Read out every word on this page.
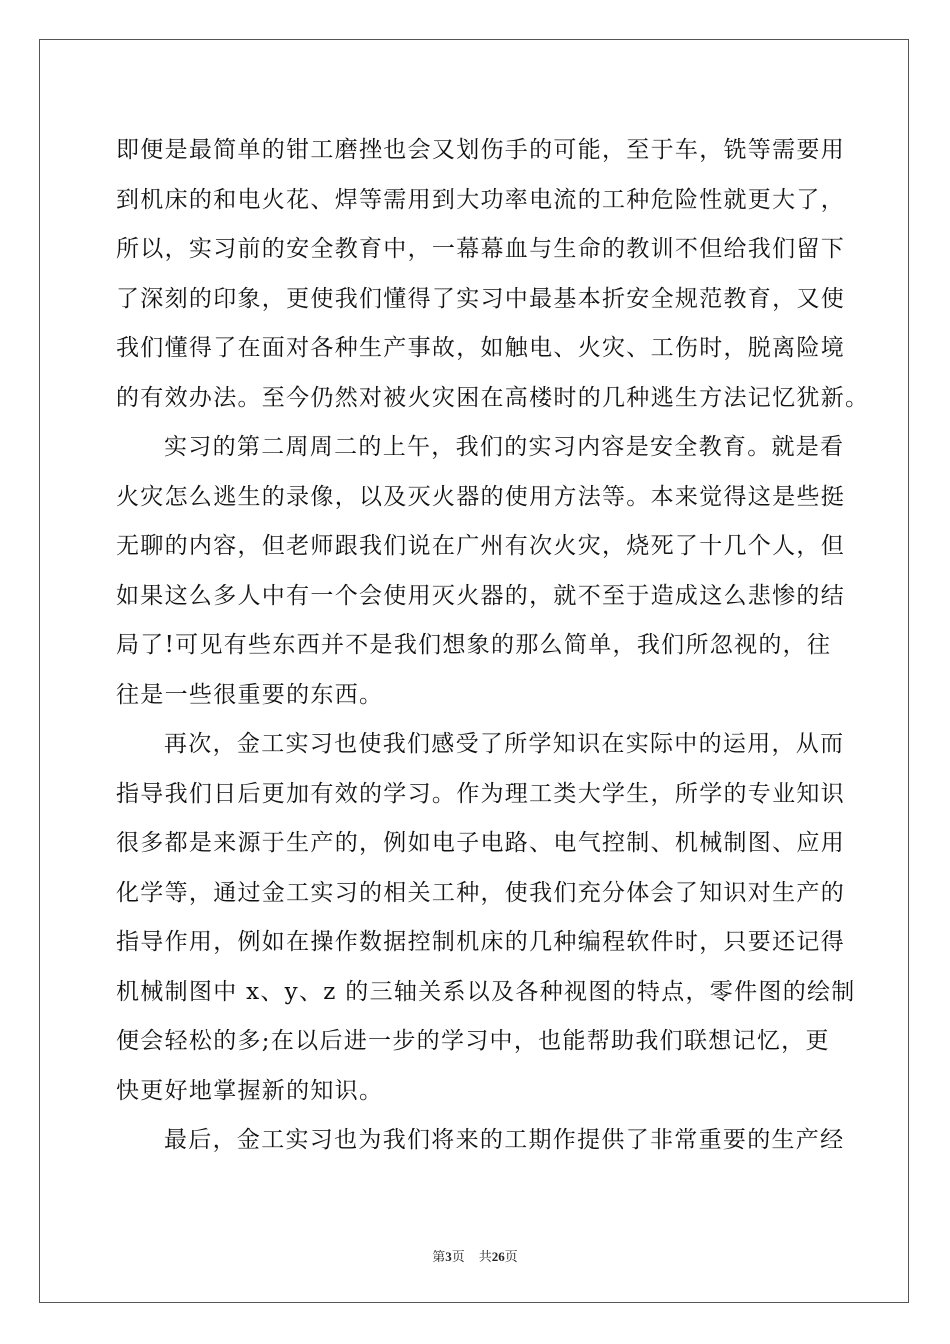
即便是最简单的钳工磨挫也会又划伤手的可能，至于车，铣等需要用
到机床的和电火花、焊等需用到大功率电流的工种危险性就更大了，
所以，实习前的安全教育中，一幕幕血与生命的教训不但给我们留下
了深刻的印象，更使我们懂得了实习中最基本折安全规范教育，又使
我们懂得了在面对各种生产事故，如触电、火灾、工伤时，脱离险境
的有效办法。至今仍然对被火灾困在高楼时的几种逃生方法记忆犹新。
实习的第二周周二的上午，我们的实习内容是安全教育。就是看
火灾怎么逃生的录像，以及灭火器的使用方法等。本来觉得这是些挺
无聊的内容，但老师跟我们说在广州有次火灾，烧死了十几个人，但
如果这么多人中有一个会使用灭火器的，就不至于造成这么悲惨的结
局了!可见有些东西并不是我们想象的那么简单，我们所忽视的，往
往是一些很重要的东西。
再次，金工实习也使我们感受了所学知识在实际中的运用，从而
指导我们日后更加有效的学习。作为理工类大学生，所学的专业知识
很多都是来源于生产的，例如电子电路、电气控制、机械制图、应用
化学等，通过金工实习的相关工种，使我们充分体会了知识对生产的
指导作用，例如在操作数据控制机床的几种编程软件时，只要还记得
机械制图中 x、y、z 的三轴关系以及各种视图的特点，零件图的绘制
便会轻松的多;在以后进一步的学习中，也能帮助我们联想记忆，更
快更好地掌握新的知识。
最后，金工实习也为我们将来的工期作提供了非常重要的生产经
第3页 共26页
